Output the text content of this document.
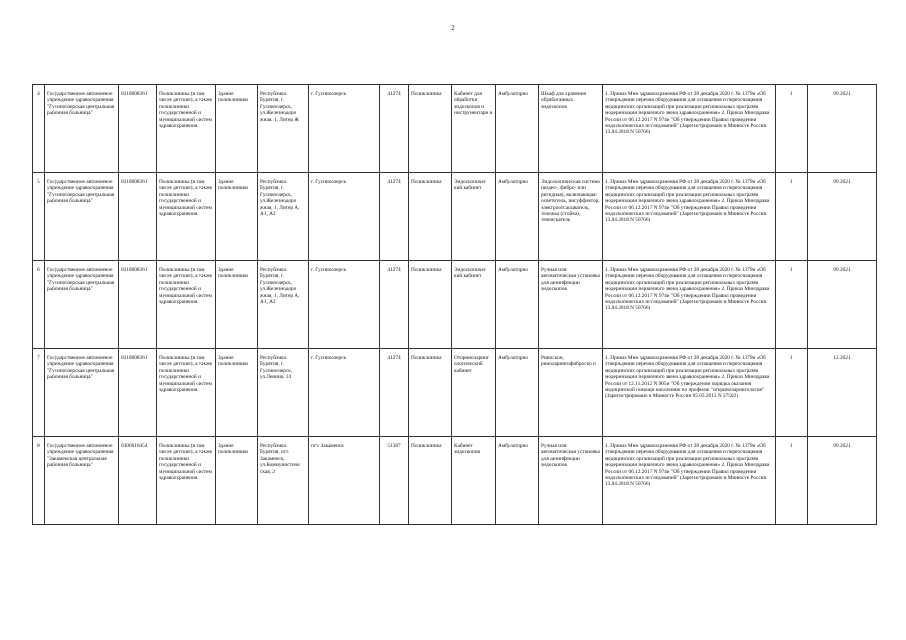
2
4	Государственное автономное учреждение здравоохранения "Гусиноозерская центральная районная больница"	0318008361	Поликлиника (в том числе детские), а также поликлиники государственной и муниципальной систем здравоохранения.	Здание поликлиники	Республика Бурятия, г. Гусиноозерск, ул.Железнодоро жная, 1, Литер Ж	г. Гусиноозерск	41274	Поликлиника	Кабинет для обработки эндоскопов и инструментари я	Амбулаторно	Шкаф для хранения обработанных эндоскопов	1. Приказ Мин здравоохранения РФ от 28 декабря 2020 г. № 1379н «Об утверждении перечня оборудования для оснащения и переоснащения медицинских организаций при реализации региональных программ модернизации первичного звена здравоохранения» 2. Приказ Минздрава России от 06.12.2017 N 974н "Об утверждении Правил проведения эндоскопических исследований" (Зарегистрировано в Минюсте России 13.04.2018 N 50766)	1	09.2021
5	Государственное автономное учреждение здравоохранения "Гусиноозерская центральная районная больница"	0318008361	Поликлиника (в том числе детские), а также поликлиники государственной и муниципальной систем здравоохранения.	Здание поликлиники	Республика Бурятия, г. Гусиноозерск, ул.Железнодоро жная, 1, Литер А, А1, А2	г. Гусиноозерск	41274	Поликлиника	Эндоскопичес кий кабинет	Амбулаторно	Эндоскопическая система (видео-, фибро- или ригидная), включающая: осветитель, инсуффлятор, электроотсасыватель, тележка (стойка), течеискатель	1. Приказ Мин здравоохранения РФ от 28 декабря 2020 г. № 1379н «Об утверждении перечня оборудования для оснащения и переоснащения медицинских организаций при реализации региональных программ модернизации первичного звена здравоохранения» 2. Приказ Минздрава России от 06.12.2017 N 974н "Об утверждении Правил проведения эндоскопических исследований" (Зарегистрировано в Минюсте России 13.04.2018 N 50766)	1	09.2021
6	Государственное автономное учреждение здравоохранения "Гусиноозерская центральная районная больница"	0318008361	Поликлиника (в том числе детские), а также поликлиники государственной и муниципальной систем здравоохранения.	Здание поликлиники	Республика Бурятия, г. Гусиноозерск, ул.Железнодоро жная, 1, Литер А, А1, А2	г. Гусиноозерск	41274	Поликлиника	Эндоскопичес кий кабинет	Амбулаторно	Ручная или автоматическая установка для дезинфекции эндоскопов	1. Приказ Мин здравоохранения РФ от 28 декабря 2020 г. № 1379н «Об утверждении перечня оборудования для оснащения и переоснащения медицинских организаций при реализации региональных программ модернизации первичного звена здравоохранения» 2. Приказ Минздрава России от 06.12.2017 N 974н "Об утверждении Правил проведения эндоскопических исследований" (Зарегистрировано в Минюсте России 13.04.2018 N 50766)	1	09.2021
7	Государственное автономное учреждение здравоохранения "Гусиноозерская центральная районная больница"	0318008361	Поликлиника (в том числе детские), а также поликлиники государственной и муниципальной систем здравоохранения.	Здание поликлиники	Республика Бурятия, г. Гусиноозерск, ул.Ленина, 14	г. Гусиноозерск	41274	Поликлиника	Оториноларинг ологический кабинет	Амбулаторно	Риноскоп, риноларингофиброско п	1. Приказ Мин здравоохранения РФ от 28 декабря 2020 г. № 1379н «Об утверждении перечня оборудования для оснащения и переоснащения медицинских организаций при реализации региональных программ модернизации первичного звена здравоохранения» 2. Приказ Минздрава России от 12.11.2012 N 905н "Об утверждении порядка оказания медицинской помощи населению по профилю "оториноларингология" (Зарегистрировано в Минюсте России 05.03.2013 N 27502)	1	12.2021
8	Государственное автономное учреждение здравоохранения "Закаменская центральная районная больница"	0306010454	Поликлиника (в том числе детские), а также поликлиники государственной и муниципальной систем здравоохранения.	Здание поликлиники	Республика Бурятия, пгт. Закаменск, ул.Коммунистиче ская, 2	пгт. Закаменск	51387	Поликлиника	Кабинет эндоскопии	Амбулаторно	Ручная или автоматическая установка для дезинфекции эндоскопов	1. Приказ Мин здравоохранения РФ от 28 декабря 2020 г. № 1379н «Об утверждении перечня оборудования для оснащения и переоснащения медицинских организаций при реализации региональных программ модернизации первичного звена здравоохранения» 2. Приказ Минздрава России от 06.12.2017 N 974н "Об утверждении Правил проведения эндоскопических исследований" (Зарегистрировано в Минюсте России 13.04.2018 N 50766)	1	09.2021
